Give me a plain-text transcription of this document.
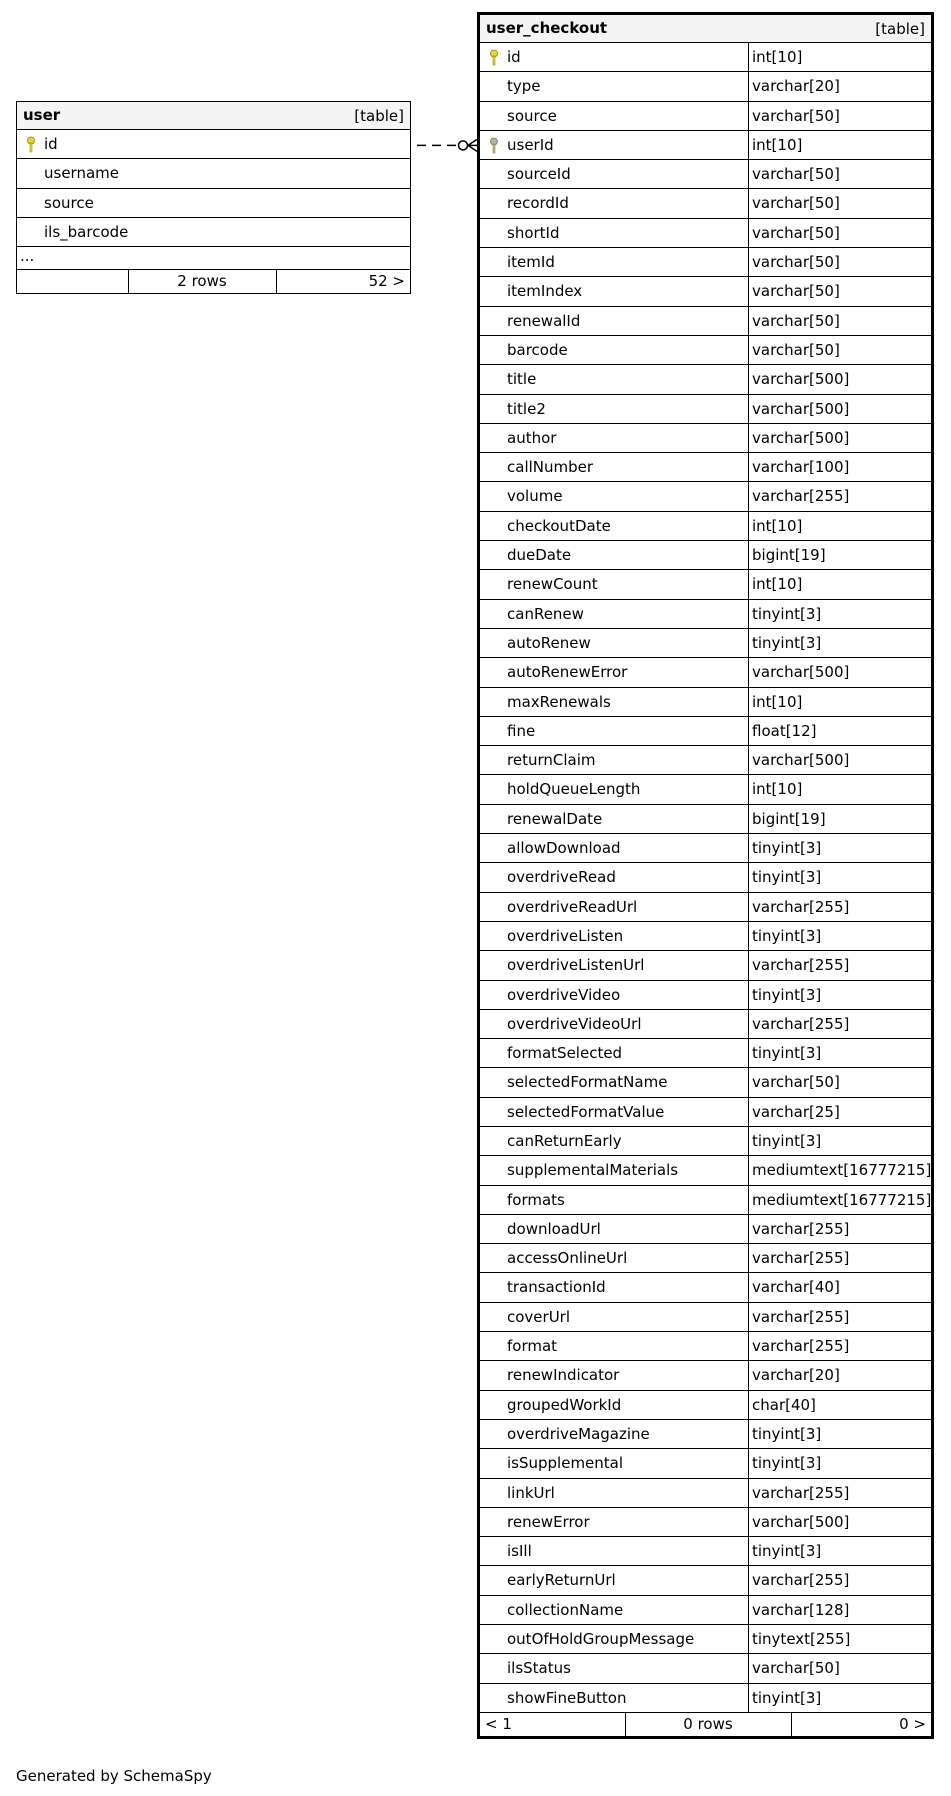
user	[table]
id
username
source
ils_barcode
...
2 rows	52 >
user_checkout	[table]
id	int[10]
type	varchar[20]
source	varchar[50]
userId	int[10]
sourceId	varchar[50]
recordId	varchar[50]
shortId	varchar[50]
itemId	varchar[50]
itemIndex	varchar[50]
renewalId	varchar[50]
barcode	varchar[50]
title	varchar[500]
title2	varchar[500]
author	varchar[500]
callNumber	varchar[100]
volume	varchar[255]
checkoutDate	int[10]
dueDate	bigint[19]
renewCount	int[10]
canRenew	tinyint[3]
autoRenew	tinyint[3]
autoRenewError	varchar[500]
maxRenewals	int[10]
fine	float[12]
returnClaim	varchar[500]
holdQueueLength	int[10]
renewalDate	bigint[19]
allowDownload	tinyint[3]
overdriveRead	tinyint[3]
overdriveReadUrl	varchar[255]
overdriveListen	tinyint[3]
overdriveListenUrl	varchar[255]
overdriveVideo	tinyint[3]
overdriveVideoUrl	varchar[255]
formatSelected	tinyint[3]
selectedFormatName	varchar[50]
selectedFormatValue	varchar[25]
canReturnEarly	tinyint[3]
supplementalMaterials	mediumtext[16777215]
formats	mediumtext[16777215]
downloadUrl	varchar[255]
accessOnlineUrl	varchar[255]
transactionId	varchar[40]
coverUrl	varchar[255]
format	varchar[255]
renewIndicator	varchar[20]
groupedWorkId	char[40]
overdriveMagazine	tinyint[3]
isSupplemental	tinyint[3]
linkUrl	varchar[255]
renewError	varchar[500]
isIll	tinyint[3]
earlyReturnUrl	varchar[255]
collectionName	varchar[128]
outOfHoldGroupMessage	tinytext[255]
ilsStatus	varchar[50]
showFineButton	tinyint[3]
< 1	0 rows	0 >
Generated by SchemaSpy
